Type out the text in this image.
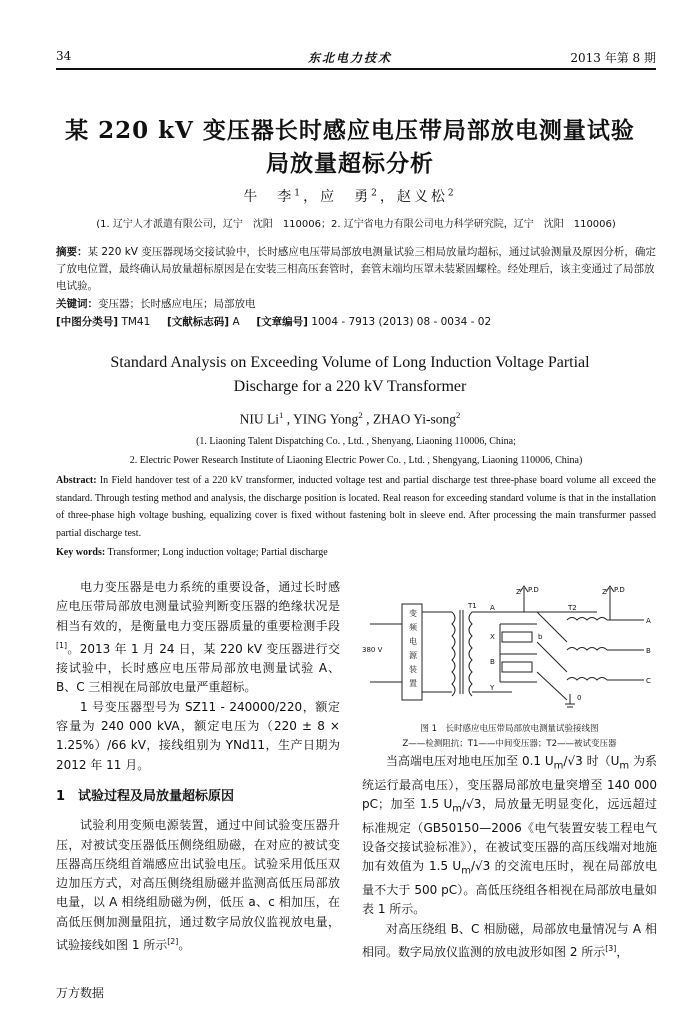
34	东北电力技术	2013 年第 8 期
某 220 kV 变压器长时感应电压带局部放电测量试验
局放量超标分析
牛　李$^1$，应　勇$^2$，赵义松$^2$
(1. 辽宁人才派遣有限公司，辽宁　沈阳　110006；2. 辽宁省电力有限公司电力科学研究院，辽宁　沈阳　110006)
摘要：某 220 kV 变压器现场交接试验中，长时感应电压带局部放电测量试验三相局放量均超标，通过试验测量及原因分析，确定了放电位置，最终确认局放量超标原因是在安装三相高压套管时，套管末端均压罩未装紧固螺栓。经处理后，该主变通过了局部放电试验。
关键词：变压器；长时感应电压；局部放电
[中图分类号] TM41 [文献标志码] A [文章编号] 1004 - 7913 (2013) 08 - 0034 - 02
Standard Analysis on Exceeding Volume of Long Induction Voltage Partial
Discharge for a 220 kV Transformer
NIU Li$^1$ , YING Yong$^2$ , ZHAO Yi-song$^2$
(1. Liaoning Talent Dispatching Co. , Ltd. , Shenyang, Liaoning 110006, China;
2. Electric Power Research Institute of Liaoning Electric Power Co. , Ltd. , Shengyang, Liaoning 110006, China)
Abstract: In Field handover test of a 220 kV transformer, inducted voltage test and partial discharge test three-phase board volume all exceed the standard. Through testing method and analysis, the discharge position is located. Real reason for exceeding standard volume is that in the installation of three-phase high voltage bushing, equalizing cover is fixed without fastening bolt in sleeve end. After processing the main transfurmer passed partial discharge test.
Key words: Transformer; Long induction voltage; Partial discharge

电力变压器是电力系统的重要设备，通过长时感应电压带局部放电测量试验判断变压器的绝缘状况是相当有效的，是衡量电力变压器质量的重要检测手段[1]。2013 年 1 月 24 日，某 220 kV 变压器进行交接试验中，长时感应电压带局部放电测量试验 A、B、C 三相视在局部放电量严重超标。

1 号变压器型号为 SZ11 - 240000/220，额定容量为 240 000 kVA，额定电压为（220 ± 8 × 1.25%）/66 kV，接线组别为 YNd11，生产日期为 2012 年 11 月。

1　试验过程及局放量超标原因

试验利用变频电源装置，通过中间试验变压器升压，对被试变压器低压侧绕组励磁，在对应的被试变压器高压绕组首端感应出试验电压。试验采用低压双边加压方式，对高压侧绕组励磁并监测高低压局部放电量，以 A 相绕组励磁为例，低压 a、c 相加压，在高低压侧加测量阻抗，通过数字局放仪监视放电量，试验接线如图 1 所示[2]。

Z P.D	Z P.D
T1	T2
380 V
A
X
B
Y
b
A
B
C
0
变
频
电
源
装
置
图 1　长时感应电压带局部放电测量试验接线图
Z——检测阻抗；T1——中间变压器；T2——被试变压器

当高端电压对地电压加至 0.1 $U_m/√3$ 时（$U_m$ 为系统运行最高电压），变压器局部放电量突增至 140 000 pC；加至 1.5 $U_m/√3$，局放量无明显变化，远远超过标准规定（GB50150—2006《电气装置安装工程电气设备交接试验标准》），在被试变压器的高压线端对地施加有效值为 1.5 $U_m/√3$ 的交流电压时，视在局部放电量不大于 500 pC）。高低压绕组各相视在局部放电量如表 1 所示。

对高压绕组 B、C 相励磁，局部放电量情况与 A 相相同。数字局放仪监测的放电波形如图 2 所示[3]，

万方数据
